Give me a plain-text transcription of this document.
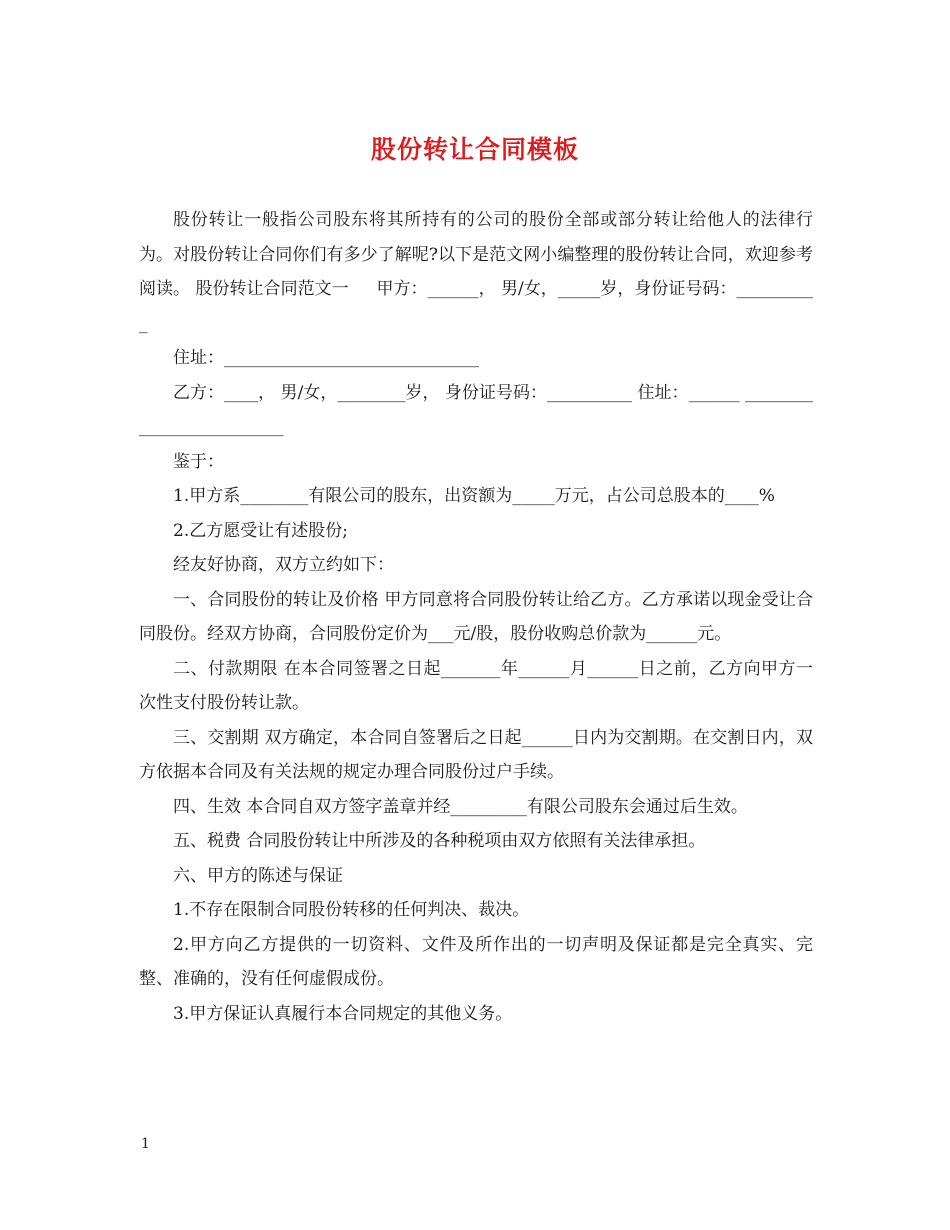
股份转让合同模板

股份转让一般指公司股东将其所持有的公司的股份全部或部分转让给他人的法律行为。对股份转让合同你们有多少了解呢?以下是范文网小编整理的股份转让合同，欢迎参考阅读。 股份转让合同范文一 　 甲方：______， 男/女，_____岁，身份证号码：__________

住址：______________________________

乙方：____， 男/女，________岁， 身份证号码：__________ 住址：______ _________________________

鉴于：

1.甲方系________有限公司的股东，出资额为_____万元，占公司总股本的____%

2.乙方愿受让有述股份;

经友好协商，双方立约如下：

一、合同股份的转让及价格 甲方同意将合同股份转让给乙方。乙方承诺以现金受让合同股份。经双方协商，合同股份定价为___元/股，股份收购总价款为______元。

二、付款期限 在本合同签署之日起_______年______月______日之前，乙方向甲方一次性支付股份转让款。

三、交割期 双方确定，本合同自签署后之日起______日内为交割期。在交割日内，双方依据本合同及有关法规的规定办理合同股份过户手续。

四、生效 本合同自双方签字盖章并经_________有限公司股东会通过后生效。

五、税费 合同股份转让中所涉及的各种税项由双方依照有关法律承担。

六、甲方的陈述与保证

1.不存在限制合同股份转移的任何判决、裁决。

2.甲方向乙方提供的一切资料、文件及所作出的一切声明及保证都是完全真实、完整、准确的，没有任何虚假成份。

3.甲方保证认真履行本合同规定的其他义务。

1
